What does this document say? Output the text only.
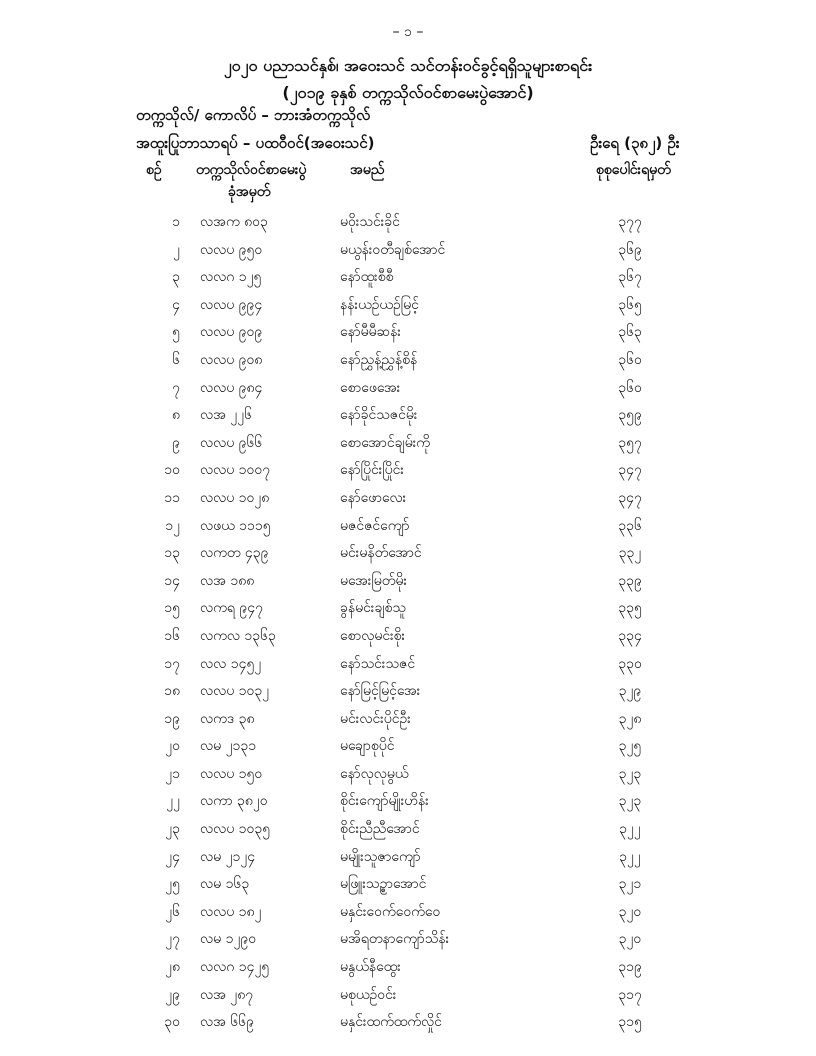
– ၁ –
၂၀၂၀ ပညာသင်နှစ်၊ အဝေးသင် သင်တန်းဝင်ခွင့်ရရှိသူများစာရင်း
(၂၀၁၉ ခုနှစ် တက္ကသိုလ်ဝင်စာမေးပွဲအောင်)
တက္ကသိုလ်/ ကောလိပ် – ဘားအံတက္ကသိုလ်
အထူးပြုဘာသာရပ် – ပထဝီဝင်(အဝေးသင်)	ဦးရေ (၃၈၂) ဦး
စဉ် တက္ကသိုလ်ဝင်စာမေးပွဲ
ခုံအမှတ်
အမည်	စုစုပေါင်းရမှတ်
၁ လအက ၈၀၃	မဝိုးသင်းခိုင်	၃၇၇
၂ လလပ ၉၅၀	မယွန်းဝတီချစ်အောင်	၃၆၉
၃ လလဂ ၁၂၅	နော်ထူးစီစီ	၃၆၇
၄ လလပ ၉၉၄	နန်းယဉ်ယဉ်မြင့်	၃၆၅
၅ လလပ ၉၀၉	နော်မီမီဆန်း	၃၆၃
၆ လလပ ၉၀၈	နော်ညွှန့်ညွှန့်စိန်	၃၆၀
၇ လလပ ၉၈၄	စောဖေအေး	၃၆၀
၈ လအ ၂၂၆	နော်ခိုင်သဇင်မိုး	၃၅၉
၉ လလပ ၉၆၆	စောအောင်ချမ်းကို	၃၅၇
၁၀ လလပ ၁၀၀၇	နော်ပြိုင်းပြိုင်း	၃၄၇
၁၁ လလပ ၁၀၂၈	နော်ဖောလေး	၃၄၇
၁၂ လဖယ ၁၁၁၅	မဇင်ဇင်ကျော်	၃၃၆
၁၃ လကတ ၄၃၉	မင်းမနိတ်အောင်	၃၃၂
၁၄ လအ ၁၈၈	မအေးမြတ်မိုး	၃၃၉
၁၅ လကရ ၉၄၇	ခွန်မင်းချစ်သူ	၃၃၅
၁၆ လကလ ၁၃၆၃	စောလုမင်းစိုး	၃၃၄
၁၇ လလ ၁၄၅၂	နော်သင်းသဇင်	၃၃၀
၁၈ လလပ ၁၀၃၂	နော်မြင့်မြင့်အေး	၃၂၉
၁၉ လကဒ ၃၈	မင်းလင်းပိုင်ဦး	၃၂၈
၂၀ လမ ၂၁၃၁	မချောစုပိုင်	၃၂၅
၂၁ လလပ ၁၅၀	နော်လုလုမွယ်	၃၂၃
၂၂ လကာ ၃၈၂၀	စိုင်းကျော်မျိုးဟိန်း	၃၂၃
၂၃ လလပ ၁၀၃၅	စိုင်းညီညီအောင်	၃၂၂
၂၄ လမ ၂၁၂၄	မမျိုးသူဇာကျော်	၃၂၂
၂၅ လမ ၁၆၃	မဖြူးသဥ္စာအောင်	၃၂၁
၂၆ လလပ ၁၈၂	မနှင်းဝေက်ဝေက်ဝေ	၃၂၀
၂၇ လမ ၁၂၉၀	မအိရတနာကျော်သိန်း	၃၂၀
၂၈ လလဂ ၁၄၂၅	မနွယ်နီထွေး	၃၁၉
၂၉ လအ ၂၈၇	မစုယဉ်ဝင်း	၃၁၇
၃၀ လအ ၆၆၉	မနှင်းထက်ထက်လှိုင်	၃၁၅
